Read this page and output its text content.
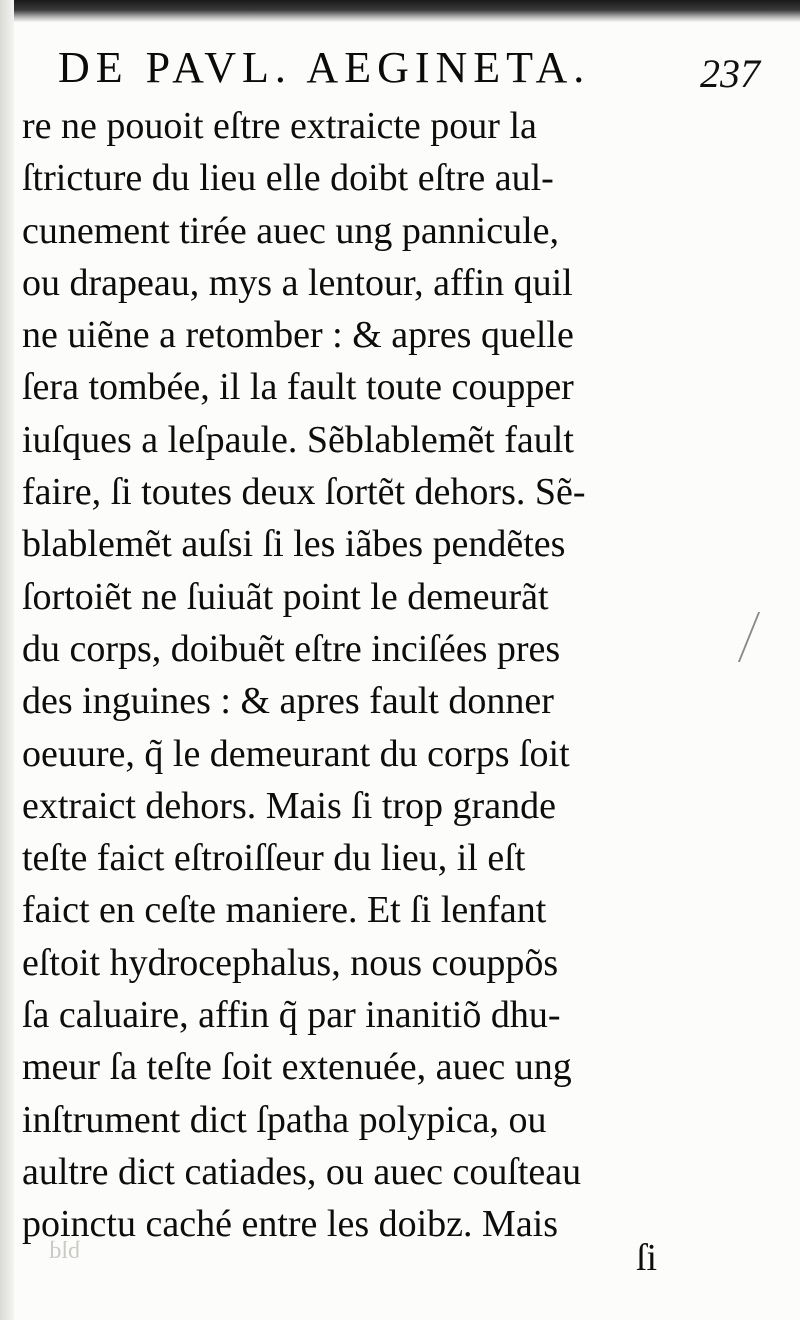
DE PAVL. AEGINETA.	237
re ne pouoit eſtre extraicte pour la
ſtricture du lieu elle doibt eſtre aul-
cunement tirée auec ung pannicule,
ou drapeau, mys a lentour, affin quil
ne uiẽne a retomber : & apres quelle
ſera tombée, il la fault toute coupper
iuſques a leſpaule. Sẽblablemẽt fault
faire, ſi toutes deux ſortẽt dehors. Sẽ-
blablemẽt auſsi ſi les iãbes pendẽtes
ſortoiẽt ne ſuiuãt point le demeurãt
du corps, doibuẽt eſtre inciſées pres
des inguines : & apres fault donner
oeuure, q̃ le demeurant du corps ſoit
extraict dehors. Mais ſi trop grande
teſte faict eſtroiſſeur du lieu, il eſt
faict en ceſte maniere. Et ſi lenfant
eſtoit hydrocephalus, nous couppõs
ſa caluaire, affin q̃ par inanitiõ dhu-
meur ſa teſte ſoit extenuée, auec ung
inſtrument dict ſpatha polypica, ou
aultre dict catiades, ou auec couſteau
poinctu caché entre les doibz. Mais
ſi
bld
